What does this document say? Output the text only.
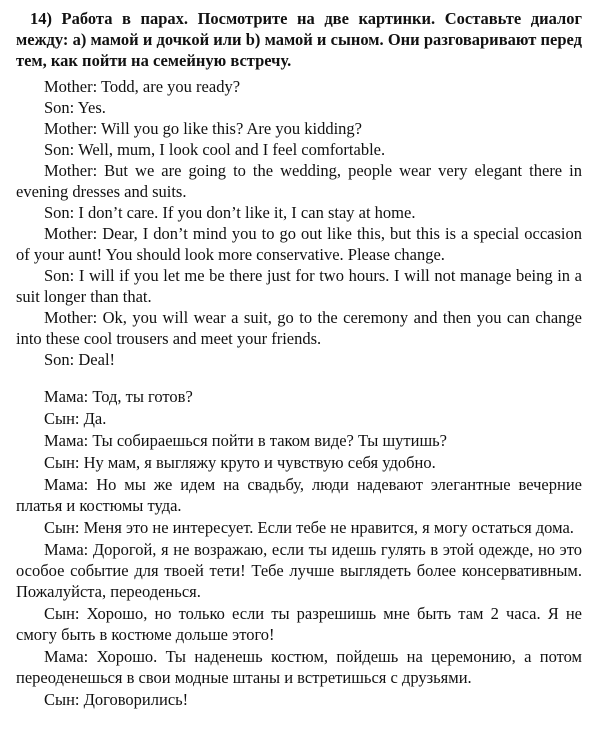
14) Работа в парах. Посмотрите на две картинки. Составьте диалог между: а) мамой и дочкой или b) мамой и сыном. Они разговаривают перед тем, как пойти на семейную встречу.

Mother: Todd, are you ready?

Son: Yes.

Mother: Will you go like this? Are you kidding?

Son: Well, mum, I look cool and I feel comfortable.

Mother: But we are going to the wedding, people wear very elegant there in evening dresses and suits.

Son: I don’t care. If you don’t like it, I can stay at home.

Mother: Dear, I don’t mind you to go out like this, but this is a special occasion of your aunt! You should look more conservative. Please change.

Son: I will if you let me be there just for two hours. I will not manage being in a suit longer than that.

Mother: Ok, you will wear a suit, go to the ceremony and then you can change into these cool trousers and meet your friends.

Son: Deal!

Мама: Тод, ты готов?

Сын: Да.

Мама: Ты собираешься пойти в таком виде? Ты шутишь?

Сын: Ну мам, я выгляжу круто и чувствую себя удобно.

Мама: Но мы же идем на свадьбу, люди надевают элегантные вечерние платья и костюмы туда.

Сын: Меня это не интересует. Если тебе не нравится, я могу остаться дома.

Мама: Дорогой, я не возражаю, если ты идешь гулять в этой одежде, но это особое событие для твоей тети! Тебе лучше выглядеть более консервативным. Пожалуйста, переоденься.

Сын: Хорошо, но только если ты разрешишь мне быть там 2 часа. Я не смогу быть в костюме дольше этого!

Мама: Хорошо. Ты наденешь костюм, пойдешь на церемонию, а потом переоденешься в свои модные штаны и встретишься с друзьями.

Сын: Договорились!
